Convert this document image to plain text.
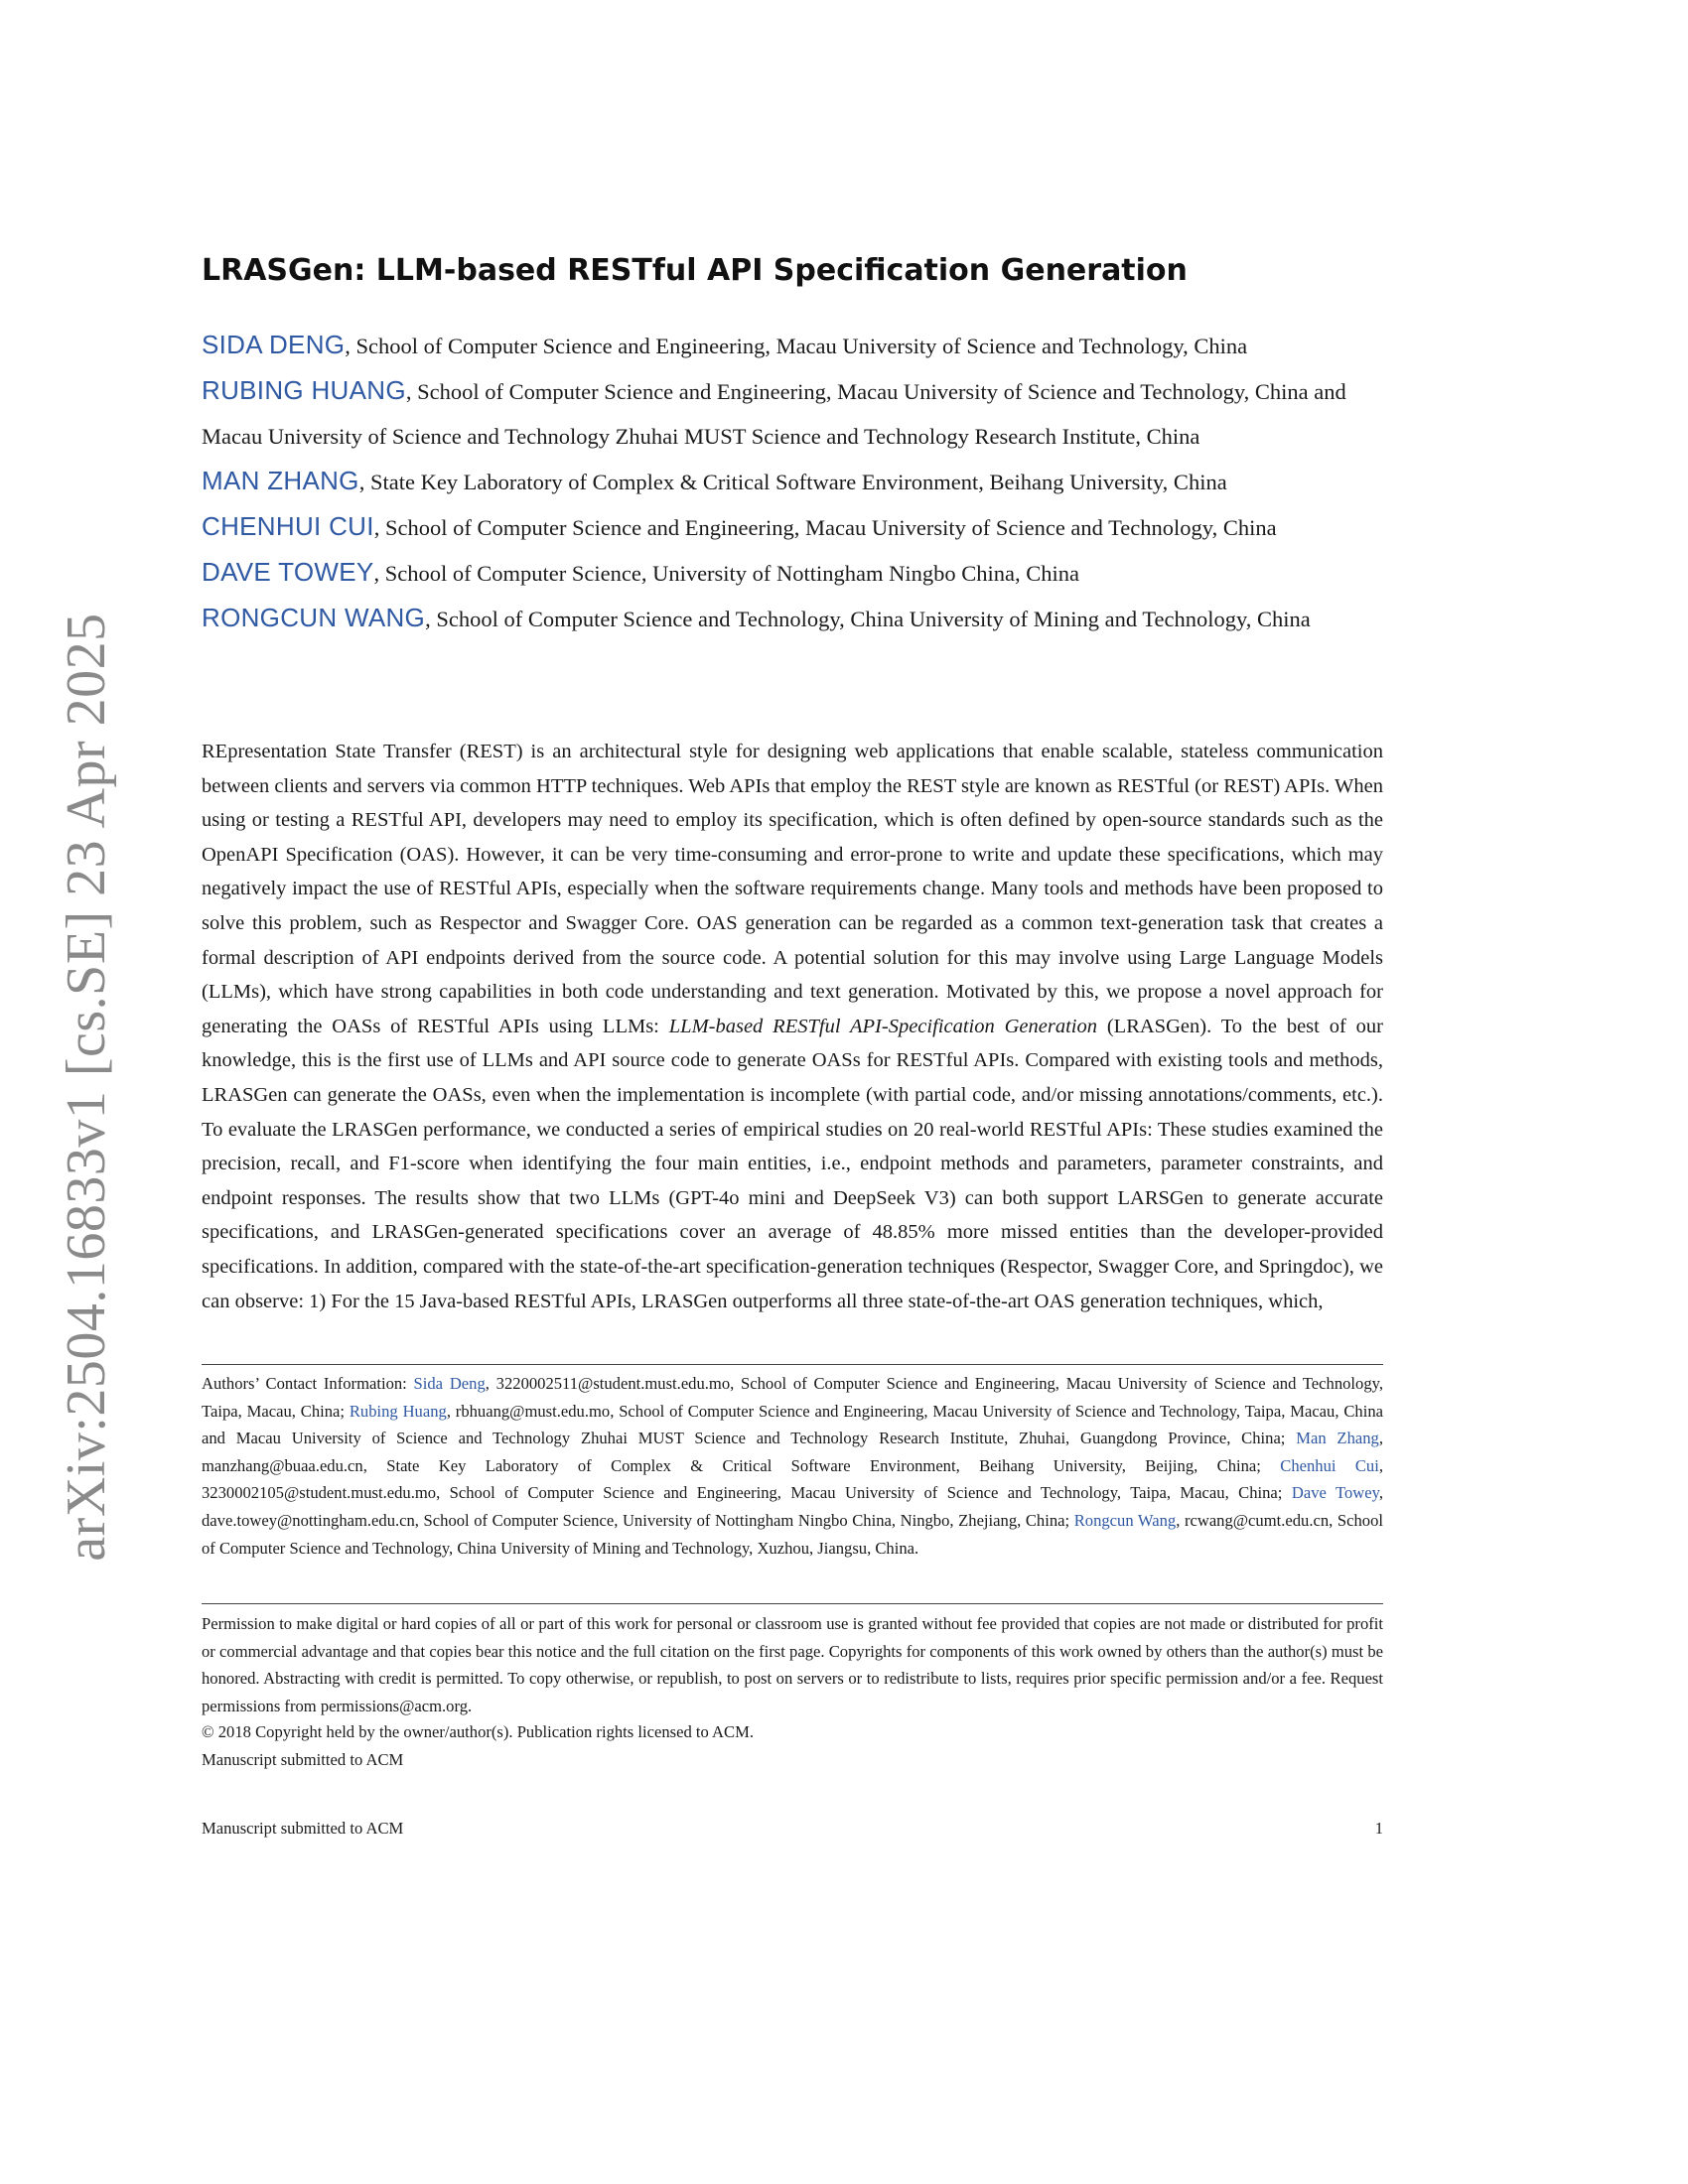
arXiv:2504.16833v1 [cs.SE] 23 Apr 2025
LRASGen: LLM-based RESTful API Specification Generation
SIDA DENG, School of Computer Science and Engineering, Macau University of Science and Technology, China
RUBING HUANG, School of Computer Science and Engineering, Macau University of Science and Technology, China and Macau University of Science and Technology Zhuhai MUST Science and Technology Research Institute, China
MAN ZHANG, State Key Laboratory of Complex & Critical Software Environment, Beihang University, China
CHENHUI CUI, School of Computer Science and Engineering, Macau University of Science and Technology, China
DAVE TOWEY, School of Computer Science, University of Nottingham Ningbo China, China
RONGCUN WANG, School of Computer Science and Technology, China University of Mining and Technology, China

REpresentation State Transfer (REST) is an architectural style for designing web applications that enable scalable, stateless communication between clients and servers via common HTTP techniques. Web APIs that employ the REST style are known as RESTful (or REST) APIs. When using or testing a RESTful API, developers may need to employ its specification, which is often defined by open-source standards such as the OpenAPI Specification (OAS). However, it can be very time-consuming and error-prone to write and update these specifications, which may negatively impact the use of RESTful APIs, especially when the software requirements change. Many tools and methods have been proposed to solve this problem, such as Respector and Swagger Core. OAS generation can be regarded as a common text-generation task that creates a formal description of API endpoints derived from the source code. A potential solution for this may involve using Large Language Models (LLMs), which have strong capabilities in both code understanding and text generation. Motivated by this, we propose a novel approach for generating the OASs of RESTful APIs using LLMs: LLM-based RESTful API-Specification Generation (LRASGen). To the best of our knowledge, this is the first use of LLMs and API source code to generate OASs for RESTful APIs. Compared with existing tools and methods, LRASGen can generate the OASs, even when the implementation is incomplete (with partial code, and/or missing annotations/comments, etc.). To evaluate the LRASGen performance, we conducted a series of empirical studies on 20 real-world RESTful APIs: These studies examined the precision, recall, and F1-score when identifying the four main entities, i.e., endpoint methods and parameters, parameter constraints, and endpoint responses. The results show that two LLMs (GPT-4o mini and DeepSeek V3) can both support LARSGen to generate accurate specifications, and LRASGen-generated specifications cover an average of 48.85% more missed entities than the developer-provided specifications. In addition, compared with the state-of-the-art specification-generation techniques (Respector, Swagger Core, and Springdoc), we can observe: 1) For the 15 Java-based RESTful APIs, LRASGen outperforms all three state-of-the-art OAS generation techniques, which,

Authors’ Contact Information: Sida Deng, 3220002511@student.must.edu.mo, School of Computer Science and Engineering, Macau University of Science and Technology, Taipa, Macau, China; Rubing Huang, rbhuang@must.edu.mo, School of Computer Science and Engineering, Macau University of Science and Technology, Taipa, Macau, China and Macau University of Science and Technology Zhuhai MUST Science and Technology Research Institute, Zhuhai, Guangdong Province, China; Man Zhang, manzhang@buaa.edu.cn, State Key Laboratory of Complex & Critical Software Environment, Beihang University, Beijing, China; Chenhui Cui, 3230002105@student.must.edu.mo, School of Computer Science and Engineering, Macau University of Science and Technology, Taipa, Macau, China; Dave Towey, dave.towey@nottingham.edu.cn, School of Computer Science, University of Nottingham Ningbo China, Ningbo, Zhejiang, China; Rongcun Wang, rcwang@cumt.edu.cn, School of Computer Science and Technology, China University of Mining and Technology, Xuzhou, Jiangsu, China.

Permission to make digital or hard copies of all or part of this work for personal or classroom use is granted without fee provided that copies are not made or distributed for profit or commercial advantage and that copies bear this notice and the full citation on the first page. Copyrights for components of this work owned by others than the author(s) must be honored. Abstracting with credit is permitted. To copy otherwise, or republish, to post on servers or to redistribute to lists, requires prior specific permission and/or a fee. Request permissions from permissions@acm.org.

© 2018 Copyright held by the owner/author(s). Publication rights licensed to ACM.
Manuscript submitted to ACM
Manuscript submitted to ACM	1
